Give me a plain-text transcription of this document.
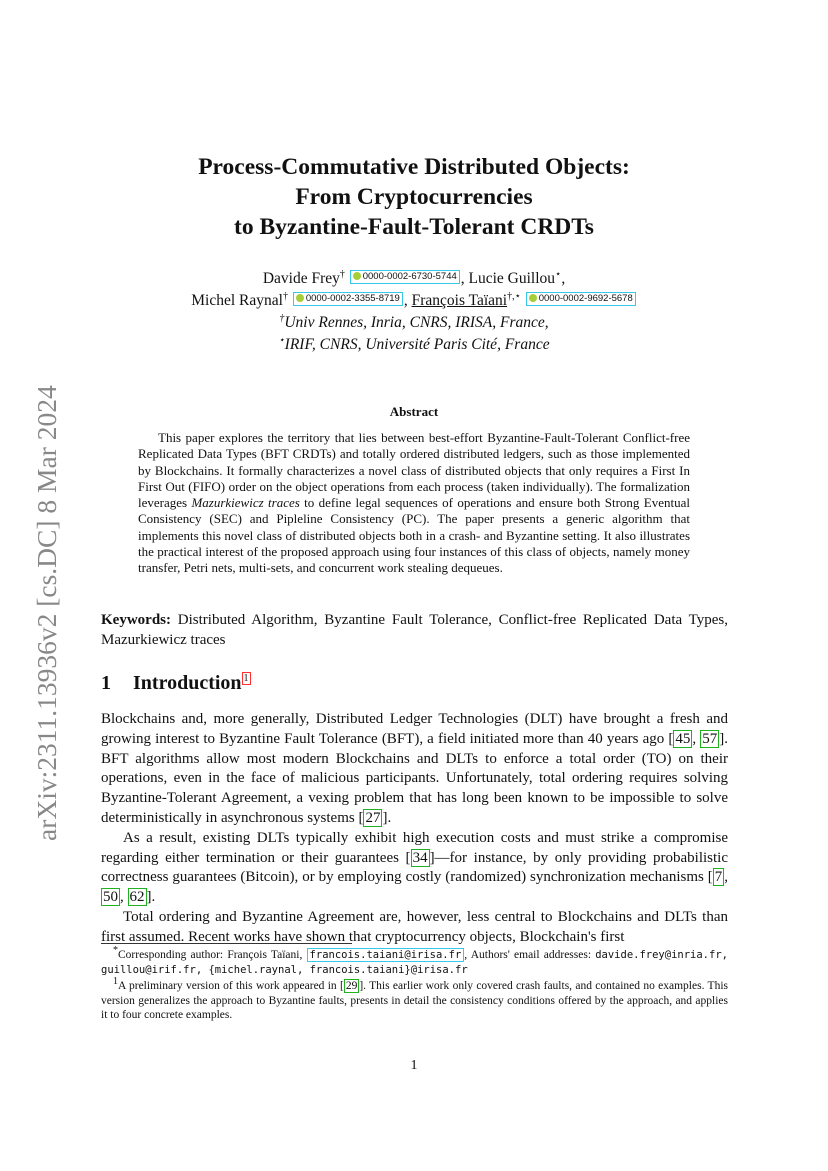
arXiv:2311.13936v2 [cs.DC] 8 Mar 2024
Process-Commutative Distributed Objects:
From Cryptocurrencies
to Byzantine-Fault-Tolerant CRDTs
Davide Frey† 0000-0002-6730-5744 , Lucie Guillou⋆,
Michel Raynal† 0000-0002-3355-8719 , François Taïani†,⋆ 0000-0002-9692-5678
†Univ Rennes, Inria, CNRS, IRISA, France,
⋆IRIF, CNRS, Université Paris Cité, France
Abstract
This paper explores the territory that lies between best-effort Byzantine-Fault-Tolerant Conflict-free Replicated Data Types (BFT CRDTs) and totally ordered distributed ledgers, such as those implemented by Blockchains. It formally characterizes a novel class of distributed objects that only requires a First In First Out (FIFO) order on the object operations from each process (taken individually). The formalization leverages Mazurkiewicz traces to define legal sequences of operations and ensure both Strong Eventual Consistency (SEC) and Pipleline Consistency (PC). The paper presents a generic algorithm that implements this novel class of distributed objects both in a crash- and Byzantine setting. It also illustrates the practical interest of the proposed approach using four instances of this class of objects, namely money transfer, Petri nets, multi-sets, and concurrent work stealing dequeues.
Keywords: Distributed Algorithm, Byzantine Fault Tolerance, Conflict-free Replicated Data Types, Mazurkiewicz traces
1 Introduction $^1$

Blockchains and, more generally, Distributed Ledger Technologies (DLT) have brought a fresh and growing interest to Byzantine Fault Tolerance (BFT), a field initiated more than 40 years ago [ 45 , 57 ]. BFT algorithms allow most modern Blockchains and DLTs to enforce a total order (TO) on their operations, even in the face of malicious participants. Unfortunately, total ordering requires solving Byzantine-Tolerant Agreement, a vexing problem that has long been known to be impossible to solve deterministically in asynchronous systems [ 27 ].

As a result, existing DLTs typically exhibit high execution costs and must strike a compromise regarding either termination or their guarantees [ 34 ]—for instance, by only providing probabilistic correctness guarantees (Bitcoin), or by employing costly (randomized) synchronization mechanisms [ 7 , 50 , 62 ].

Total ordering and Byzantine Agreement are, however, less central to Blockchains and DLTs than first assumed. Recent works have shown that cryptocurrency objects, Blockchain's first

*Corresponding author: François Taïani, francois.taiani@irisa.fr , Authors' email addresses: davide.frey@inria.fr, guillou@irif.fr, {michel.raynal, francois.taiani}@irisa.fr

$^1$A preliminary version of this work appeared in [ 29 ]. This earlier work only covered crash faults, and contained no examples. This version generalizes the approach to Byzantine faults, presents in detail the consistency conditions offered by the approach, and applies it to four concrete examples.

1
